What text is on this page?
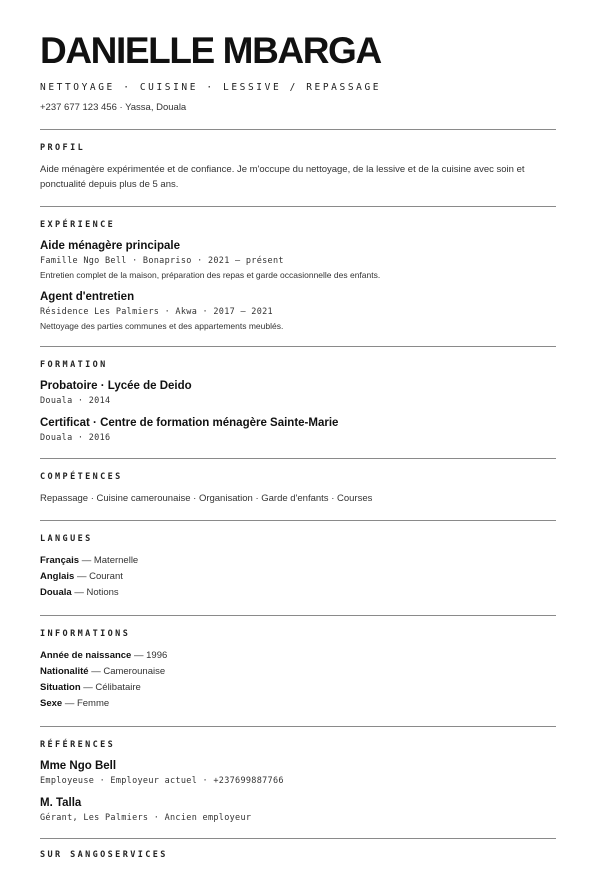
DANIELLE MBARGA
NETTOYAGE · CUISINE · LESSIVE / REPASSAGE
+237 677 123 456 · Yassa, Douala
PROFIL

Aide ménagère expérimentée et de confiance. Je m'occupe du nettoyage, de la lessive et de la cuisine avec soin et ponctualité depuis plus de 5 ans.

EXPÉRIENCE
Aide ménagère principale
Famille Ngo Bell · Bonapriso · 2021 – présent
Entretien complet de la maison, préparation des repas et garde occasionnelle des enfants.
Agent d'entretien
Résidence Les Palmiers · Akwa · 2017 – 2021
Nettoyage des parties communes et des appartements meublés.
FORMATION
Probatoire · Lycée de Deido
Douala · 2014
Certificat · Centre de formation ménagère Sainte-Marie
Douala · 2016
COMPÉTENCES

Repassage · Cuisine camerounaise · Organisation · Garde d'enfants · Courses

LANGUES
Français — Maternelle
Anglais — Courant
Douala — Notions
INFORMATIONS
Année de naissance — 1996
Nationalité — Camerounaise
Situation — Célibataire
Sexe — Femme
RÉFÉRENCES
Mme Ngo Bell
Employeuse · Employeur actuel · +237699887766
M. Talla
Gérant, Les Palmiers · Ancien employeur
SUR SANGOSERVICES
